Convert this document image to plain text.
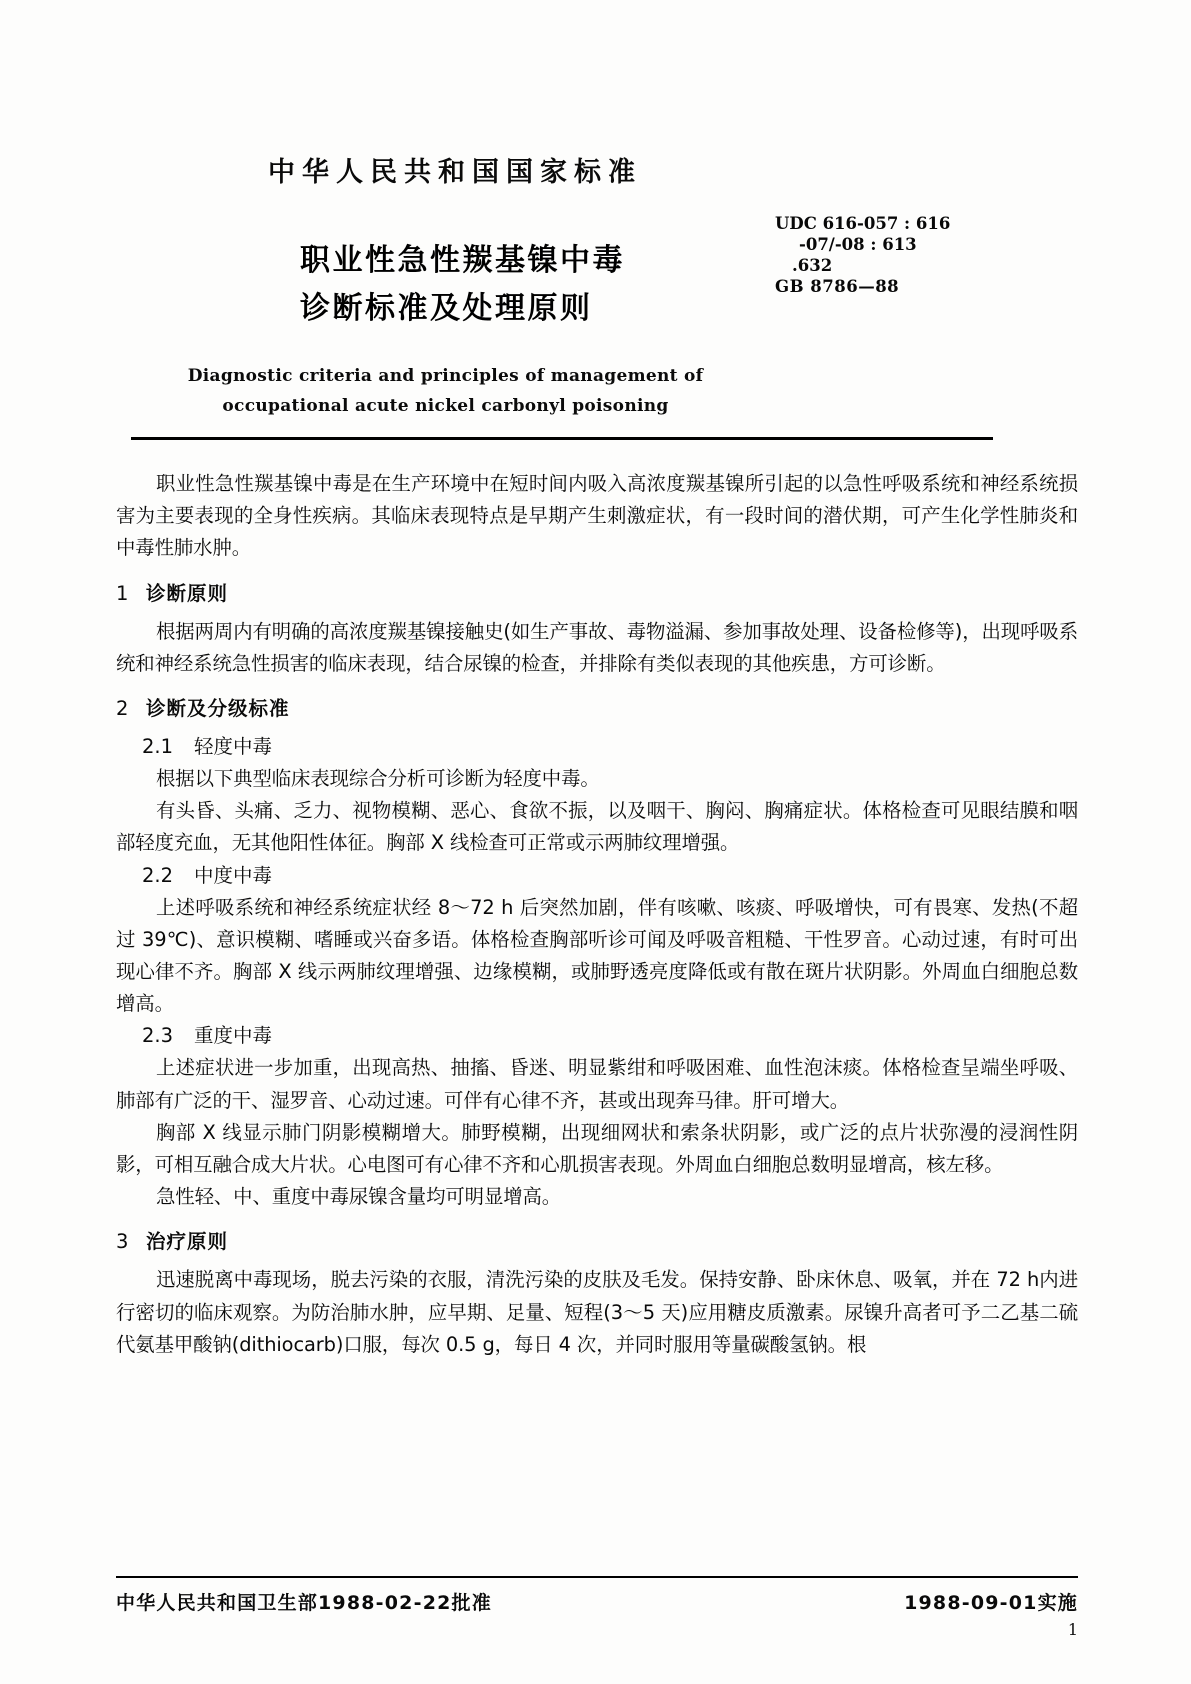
中华人民共和国国家标准
UDC 616-057 : 616
-07/-08 : 613
.632
GB 8786—88
职业性急性羰基镍中毒
诊断标准及处理原则
Diagnostic criteria and principles of management of
occupational acute nickel carbonyl poisoning

职业性急性羰基镍中毒是在生产环境中在短时间内吸入高浓度羰基镍所引起的以急性呼吸系统和神经系统损害为主要表现的全身性疾病。其临床表现特点是早期产生刺激症状，有一段时间的潜伏期，可产生化学性肺炎和中毒性肺水肿。

1 诊断原则

根据两周内有明确的高浓度羰基镍接触史(如生产事故、毒物溢漏、参加事故处理、设备检修等)，出现呼吸系统和神经系统急性损害的临床表现，结合尿镍的检查，并排除有类似表现的其他疾患，方可诊断。

2 诊断及分级标准
2.1 轻度中毒

根据以下典型临床表现综合分析可诊断为轻度中毒。

有头昏、头痛、乏力、视物模糊、恶心、食欲不振，以及咽干、胸闷、胸痛症状。体格检查可见眼结膜和咽部轻度充血，无其他阳性体征。胸部 X 线检查可正常或示两肺纹理增强。

2.2 中度中毒

上述呼吸系统和神经系统症状经 8～72 h 后突然加剧，伴有咳嗽、咳痰、呼吸增快，可有畏寒、发热(不超过 39℃)、意识模糊、嗜睡或兴奋多语。体格检查胸部听诊可闻及呼吸音粗糙、干性罗音。心动过速，有时可出现心律不齐。胸部 X 线示两肺纹理增强、边缘模糊，或肺野透亮度降低或有散在斑片状阴影。外周血白细胞总数增高。

2.3 重度中毒

上述症状进一步加重，出现高热、抽搐、昏迷、明显紫绀和呼吸困难、血性泡沫痰。体格检查呈端坐呼吸、肺部有广泛的干、湿罗音、心动过速。可伴有心律不齐，甚或出现奔马律。肝可增大。

胸部 X 线显示肺门阴影模糊增大。肺野模糊，出现细网状和索条状阴影，或广泛的点片状弥漫的浸润性阴影，可相互融合成大片状。心电图可有心律不齐和心肌损害表现。外周血白细胞总数明显增高，核左移。

急性轻、中、重度中毒尿镍含量均可明显增高。

3 治疗原则

迅速脱离中毒现场，脱去污染的衣服，清洗污染的皮肤及毛发。保持安静、卧床休息、吸氧，并在 72 h内进行密切的临床观察。为防治肺水肿，应早期、足量、短程(3～5 天)应用糖皮质激素。尿镍升高者可予二乙基二硫代氨基甲酸钠(dithiocarb)口服，每次 0.5 g，每日 4 次，并同时服用等量碳酸氢钠。根

中华人民共和国卫生部1988-02-22批准	1988-09-01实施
1
